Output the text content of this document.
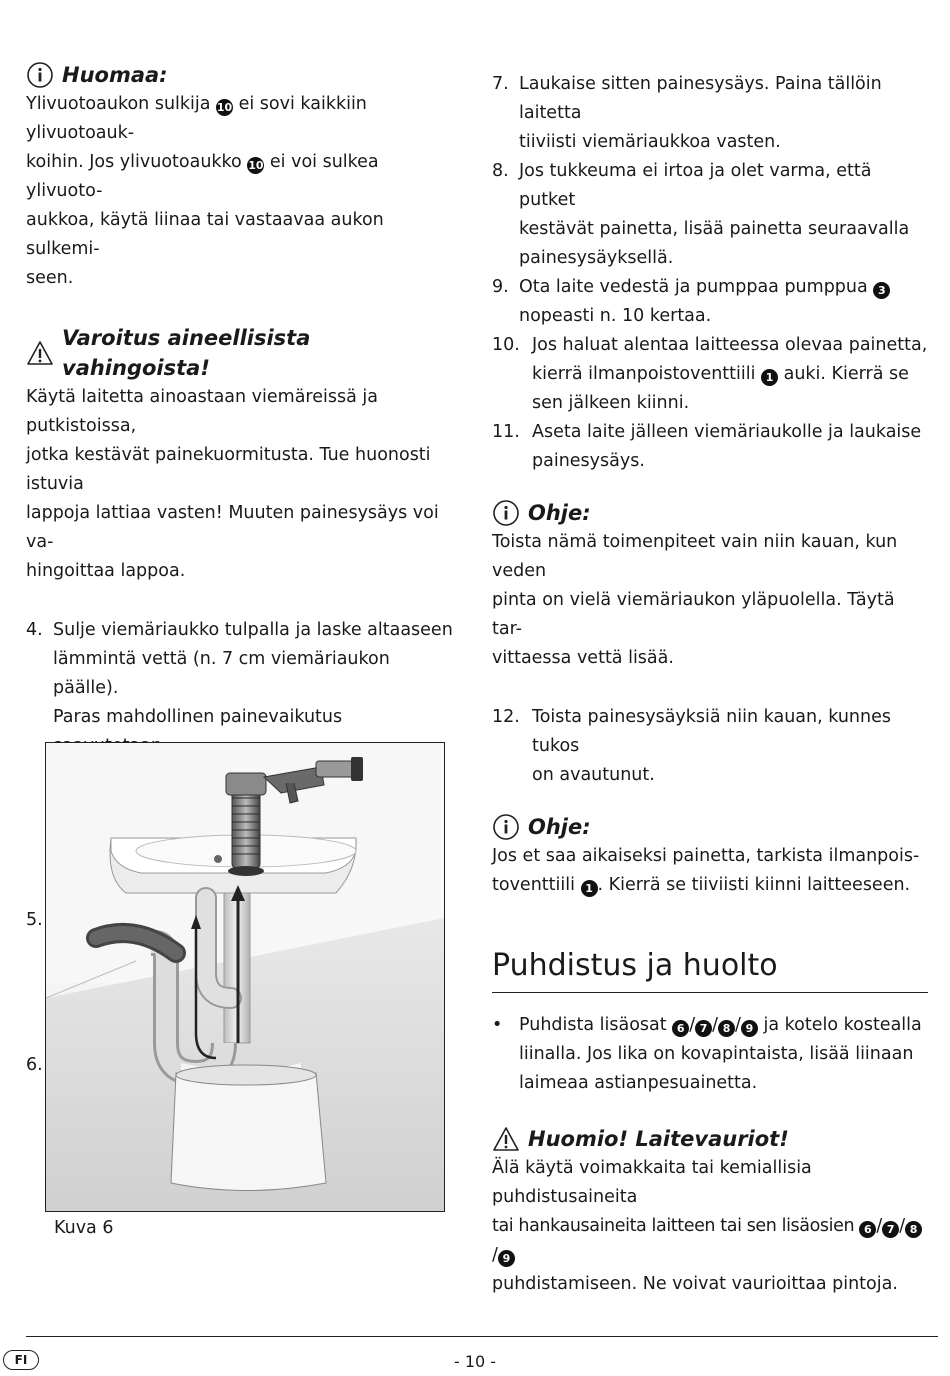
Huomaa:

Ylivuotoaukon sulkija 10 ei sovi kaikkiin ylivuotoauk-
koihin. Jos ylivuotoaukko 10 ei voi sulkea ylivuoto-
aukkoa, käytä liinaa tai vastaavaa aukon sulkemi-
seen.

Varoitus aineellisista vahingoista!

Käytä laitetta ainoastaan viemäreissä ja putkistoissa,
jotka kestävät painekuormitusta. Tue huonosti istuvia
lappoja lattiaa vasten! Muuten painesysäys voi va-
hingoittaa lappoa.

4. Sulje viemäriaukko tulpalla ja laske altaaseen
lämmintä vettä (n. 7 cm viemäriaukon päälle).
Paras mahdollinen painevaikutus

5.

6.

Kuva 6
7. Laukaise sitten painesysäys. Paina tällöin laitetta
tiiviisti viemäriaukkoa vasten.
8. Jos tukkeuma ei irtoa ja olet varma, että putket
kestävät painetta, lisää painetta seuraavalla
painesysäyksellä.
9. Ota laite vedestä ja pumppaa pumppua 3
nopeasti n. 10 kertaa.
10. Jos haluat alentaa laitteessa olevaa painetta,
kierrä ilmanpoistoventtiili 1 auki. Kierrä se
sen jälkeen kiinni.
11. Aseta laite jälleen viemäriaukolle ja laukaise
painesysäys.
Ohje:

Toista nämä toimenpiteet vain niin kauan, kun veden
pinta on vielä viemäriaukon yläpuolella. Täytä tar-
vittaessa vettä lisää.

12. Toista painesysäyksiä niin kauan, kunnes tukos
on avautunut.
Ohje:

Jos et saa aikaiseksi painetta, tarkista ilmanpois-
toventtiili 1 . Kierrä se tiiviisti kiinni laitteeseen.

Puhdistus ja huolto
• Puhdista lisäosat 6 / 7 / 8 / 9 ja kotelo kostealla
liinalla. Jos lika on kovapintaista, lisää liinaan
laimeaa astianpesuainetta.
Huomio! Laitevauriot!

Älä käytä voimakkaita tai kemiallisia puhdistusaineita
tai hankausaineita laitteen tai sen lisäosien 6 / 7 / 8/ 9
puhdistamiseen. Ne voivat vaurioittaa pintoja.

FI	- 10 -
